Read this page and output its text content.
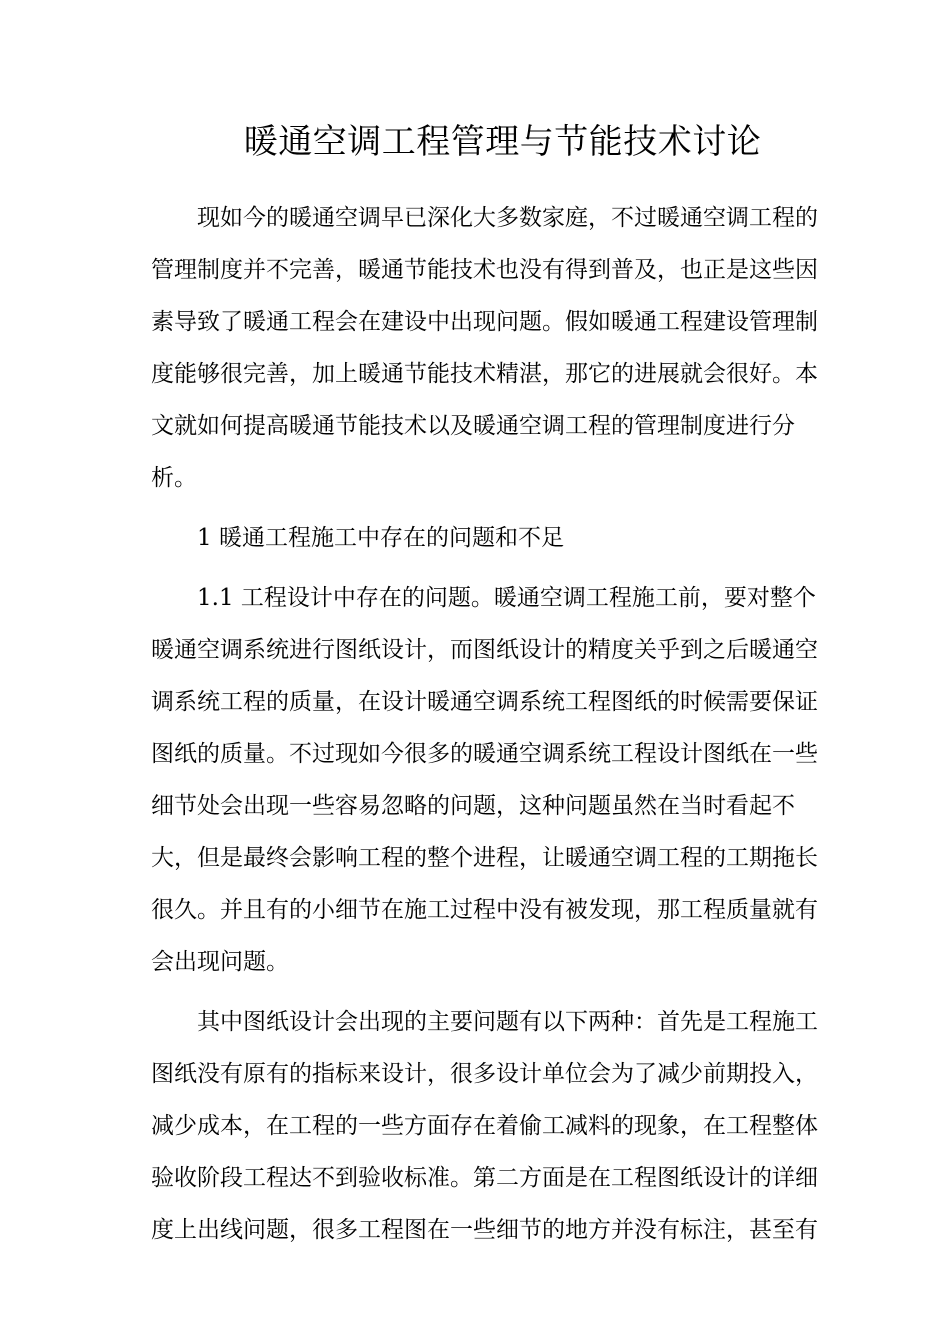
暖通空调工程管理与节能技术讨论
现如今的暖通空调早已深化大多数家庭，不过暖通空调工程的
管理制度并不完善，暖通节能技术也没有得到普及，也正是这些因
素导致了暖通工程会在建设中出现问题。假如暖通工程建设管理制
度能够很完善，加上暖通节能技术精湛，那它的进展就会很好。本
文就如何提高暖通节能技术以及暖通空调工程的管理制度进行分
析。
1 暖通工程施工中存在的问题和不足
1.1 工程设计中存在的问题。暖通空调工程施工前，要对整个
暖通空调系统进行图纸设计，而图纸设计的精度关乎到之后暖通空
调系统工程的质量，在设计暖通空调系统工程图纸的时候需要保证
图纸的质量。不过现如今很多的暖通空调系统工程设计图纸在一些
细节处会出现一些容易忽略的问题，这种问题虽然在当时看起不
大，但是最终会影响工程的整个进程，让暖通空调工程的工期拖长
很久。并且有的小细节在施工过程中没有被发现，那工程质量就有
会出现问题。
其中图纸设计会出现的主要问题有以下两种：首先是工程施工
图纸没有原有的指标来设计，很多设计单位会为了减少前期投入，
减少成本，在工程的一些方面存在着偷工减料的现象，在工程整体
验收阶段工程达不到验收标准。第二方面是在工程图纸设计的详细
度上出线问题，很多工程图在一些细节的地方并没有标注，甚至有
